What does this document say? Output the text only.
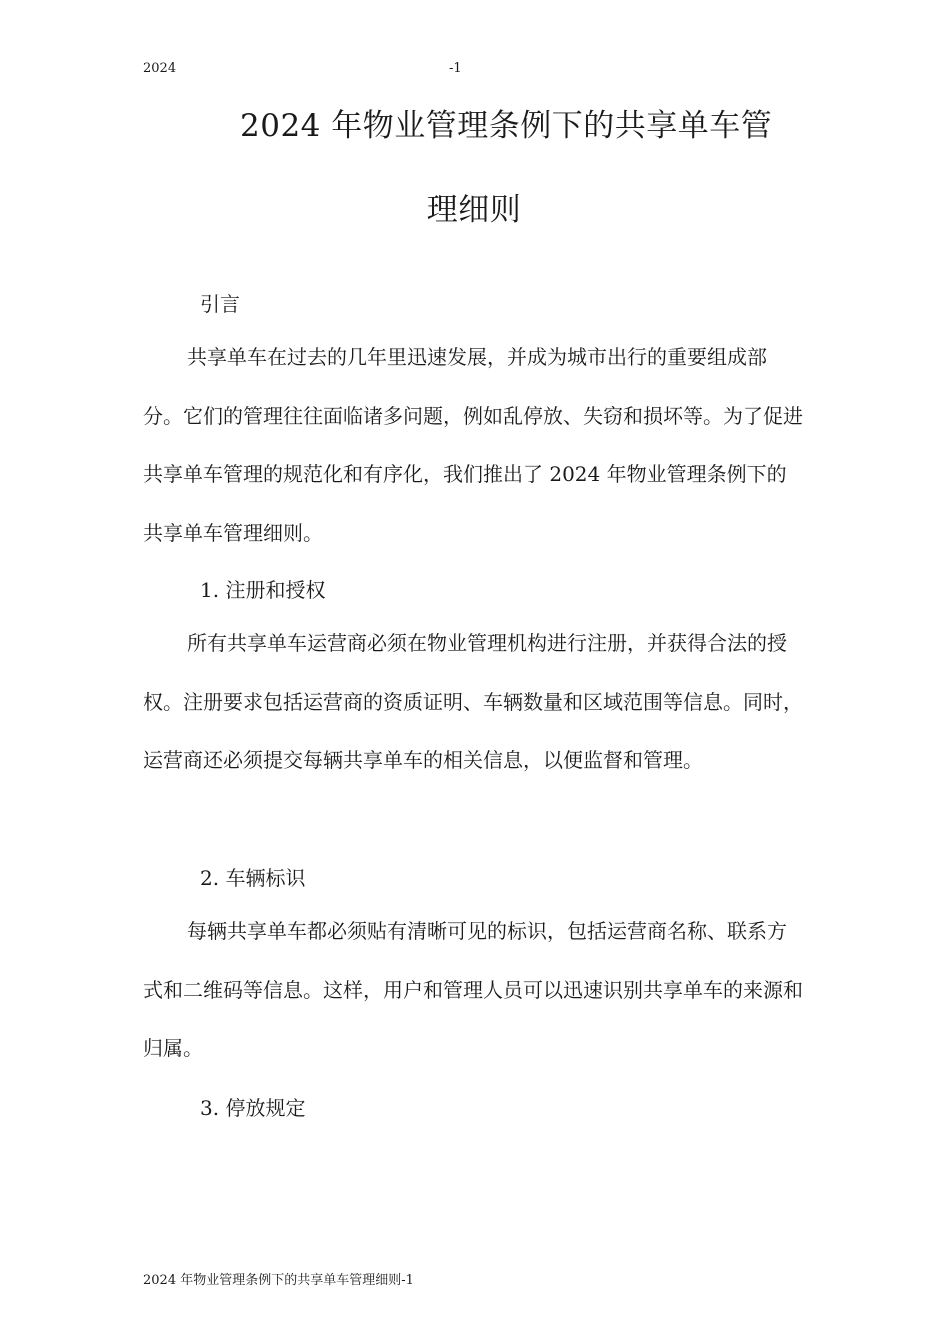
2024	-1
2024 年物业管理条例下的共享单车管
理细则
引言

共享单车在过去的几年里迅速发展，并成为城市出行的重要组成部分。它们的管理往往面临诸多问题，例如乱停放、失窃和损坏等。为了促进共享单车管理的规范化和有序化，我们推出了 2024 年物业管理条例下的共享单车管理细则。

1. 注册和授权

所有共享单车运营商必须在物业管理机构进行注册，并获得合法的授权。注册要求包括运营商的资质证明、车辆数量和区域范围等信息。同时，运营商还必须提交每辆共享单车的相关信息，以便监督和管理。

2. 车辆标识

每辆共享单车都必须贴有清晰可见的标识，包括运营商名称、联系方式和二维码等信息。这样，用户和管理人员可以迅速识别共享单车的来源和归属。

3. 停放规定
2024 年物业管理条例下的共享单车管理细则-1
